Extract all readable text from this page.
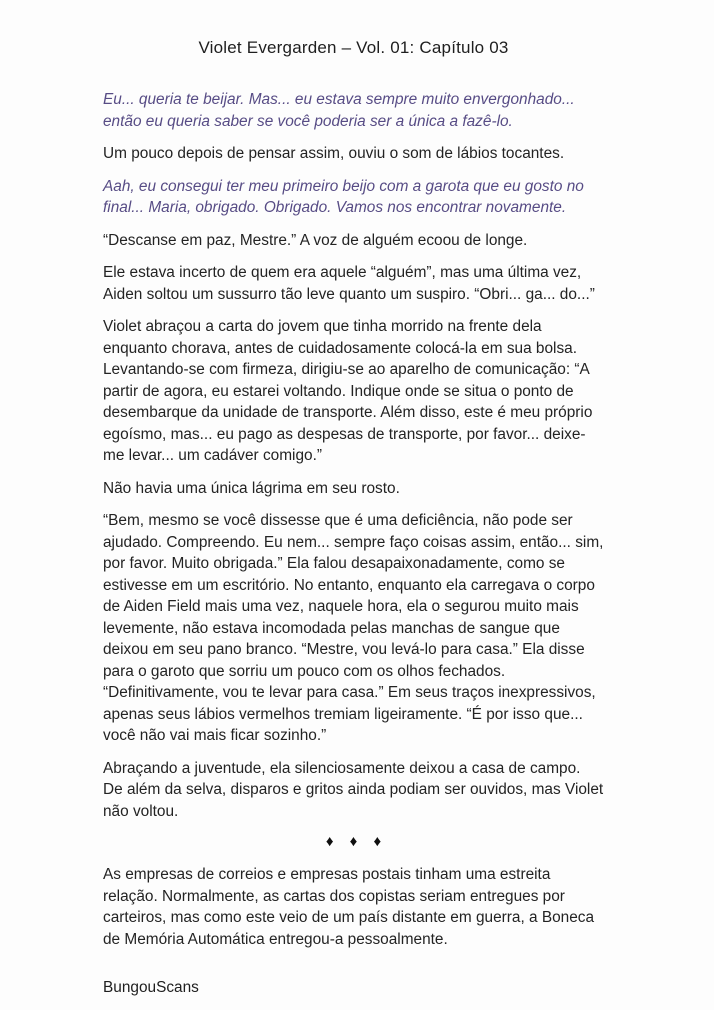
Violet Evergarden – Vol. 01: Capítulo 03

Eu... queria te beijar. Mas... eu estava sempre muito envergonhado... então eu queria saber se você poderia ser a única a fazê-lo.

Um pouco depois de pensar assim, ouviu o som de lábios tocantes.

Aah, eu consegui ter meu primeiro beijo com a garota que eu gosto no final... Maria, obrigado. Obrigado. Vamos nos encontrar novamente.

“Descanse em paz, Mestre.” A voz de alguém ecoou de longe.

Ele estava incerto de quem era aquele “alguém”, mas uma última vez, Aiden soltou um sussurro tão leve quanto um suspiro. “Obri... ga... do...”

Violet abraçou a carta do jovem que tinha morrido na frente dela enquanto chorava, antes de cuidadosamente colocá-la em sua bolsa. Levantando-se com firmeza, dirigiu-se ao aparelho de comunicação: “A partir de agora, eu estarei voltando. Indique onde se situa o ponto de desembarque da unidade de transporte. Além disso, este é meu próprio egoísmo, mas... eu pago as despesas de transporte, por favor... deixe-me levar... um cadáver comigo.”

Não havia uma única lágrima em seu rosto.

“Bem, mesmo se você dissesse que é uma deficiência, não pode ser ajudado. Compreendo. Eu nem... sempre faço coisas assim, então... sim, por favor. Muito obrigada.” Ela falou desapaixonadamente, como se estivesse em um escritório. No entanto, enquanto ela carregava o corpo de Aiden Field mais uma vez, naquele hora, ela o segurou muito mais levemente, não estava incomodada pelas manchas de sangue que deixou em seu pano branco. “Mestre, vou levá-lo para casa.” Ela disse para o garoto que sorriu um pouco com os olhos fechados. “Definitivamente, vou te levar para casa.” Em seus traços inexpressivos, apenas seus lábios vermelhos tremiam ligeiramente. “É por isso que... você não vai mais ficar sozinho.”

Abraçando a juventude, ela silenciosamente deixou a casa de campo. De além da selva, disparos e gritos ainda podiam ser ouvidos, mas Violet não voltou.

♦ ♦ ♦

As empresas de correios e empresas postais tinham uma estreita relação. Normalmente, as cartas dos copistas seriam entregues por carteiros, mas como este veio de um país distante em guerra, a Boneca de Memória Automática entregou-a pessoalmente.

BungouScans
